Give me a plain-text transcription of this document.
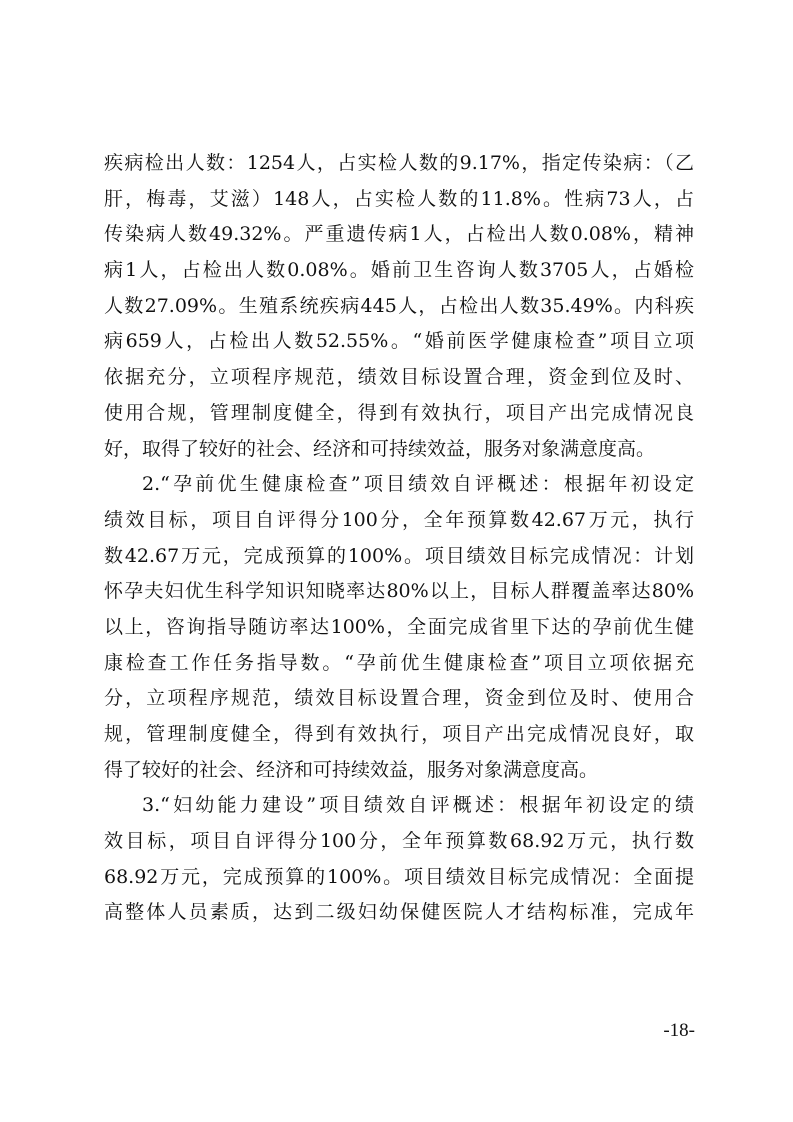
疾病检出人数：1254人，占实检人数的9.17%，指定传染病：（乙
肝，梅毒，艾滋）148人，占实检人数的11.8%。性病73人，占
传染病人数49.32%。严重遗传病1人，占检出人数0.08%，精神
病1人，占检出人数0.08%。婚前卫生咨询人数3705人，占婚检
人数27.09%。生殖系统疾病445人，占检出人数35.49%。内科疾
病659人，占检出人数52.55%。“婚前医学健康检查”项目立项
依据充分，立项程序规范，绩效目标设置合理，资金到位及时、
使用合规，管理制度健全，得到有效执行，项目产出完成情况良
好，取得了较好的社会、经济和可持续效益，服务对象满意度高。
2.“孕前优生健康检查”项目绩效自评概述：根据年初设定
绩效目标，项目自评得分100分，全年预算数42.67万元，执行
数42.67万元，完成预算的100%。项目绩效目标完成情况：计划
怀孕夫妇优生科学知识知晓率达80%以上，目标人群覆盖率达80%
以上，咨询指导随访率达100%，全面完成省里下达的孕前优生健
康检查工作任务指导数。“孕前优生健康检查”项目立项依据充
分，立项程序规范，绩效目标设置合理，资金到位及时、使用合
规，管理制度健全，得到有效执行，项目产出完成情况良好，取
得了较好的社会、经济和可持续效益，服务对象满意度高。
3.“妇幼能力建设”项目绩效自评概述：根据年初设定的绩
效目标，项目自评得分100分，全年预算数68.92万元，执行数
68.92万元，完成预算的100%。项目绩效目标完成情况：全面提
高整体人员素质，达到二级妇幼保健医院人才结构标准，完成年
-18-
